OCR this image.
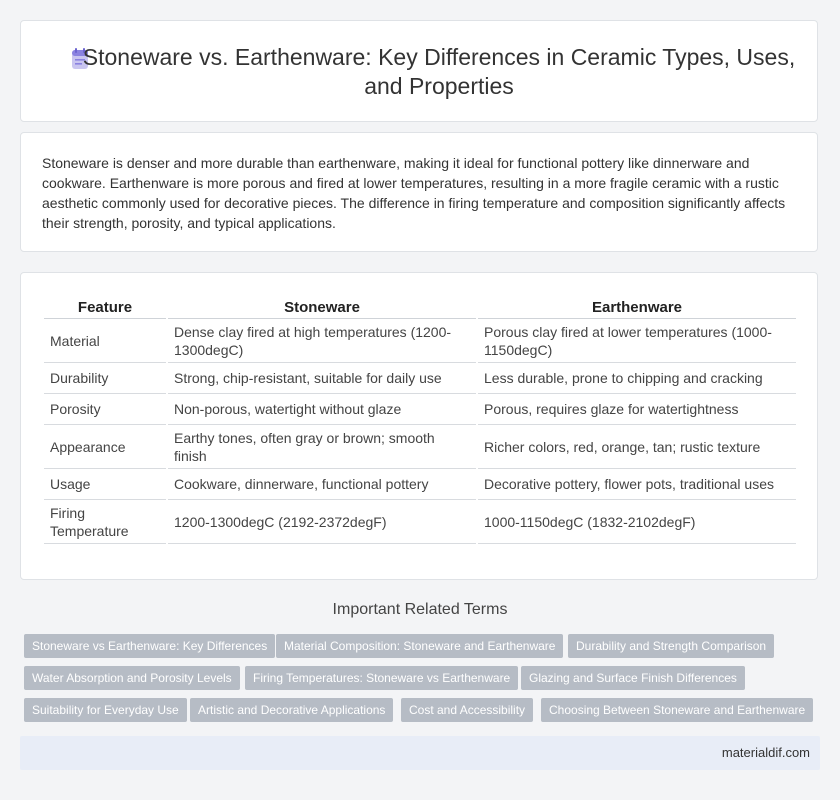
Stoneware vs. Earthenware: Key Differences in Ceramic Types, Uses, and Properties

Stoneware is denser and more durable than earthenware, making it ideal for functional pottery like dinnerware and cookware. Earthenware is more porous and fired at lower temperatures, resulting in a more fragile ceramic with a rustic aesthetic commonly used for decorative pieces. The difference in firing temperature and composition significantly affects their strength, porosity, and typical applications.

Feature	Stoneware	Earthenware
Material	Dense clay fired at high temperatures (1200-1300degC)	Porous clay fired at lower temperatures (1000-1150degC)
Durability	Strong, chip-resistant, suitable for daily use	Less durable, prone to chipping and cracking
Porosity	Non-porous, watertight without glaze	Porous, requires glaze for watertightness
Appearance	Earthy tones, often gray or brown; smooth finish	Richer colors, red, orange, tan; rustic texture
Usage	Cookware, dinnerware, functional pottery	Decorative pottery, flower pots, traditional uses
Firing Temperature	1200-1300degC (2192-2372degF)	1000-1150degC (1832-2102degF)
Important Related Terms
Stoneware vs Earthenware: Key Differences	Material Composition: Stoneware and Earthenware	Durability and Strength Comparison
Water Absorption and Porosity Levels	Firing Temperatures: Stoneware vs Earthenware	Glazing and Surface Finish Differences
Suitability for Everyday Use	Artistic and Decorative Applications	Cost and Accessibility	Choosing Between Stoneware and Earthenware
materialdif.com
